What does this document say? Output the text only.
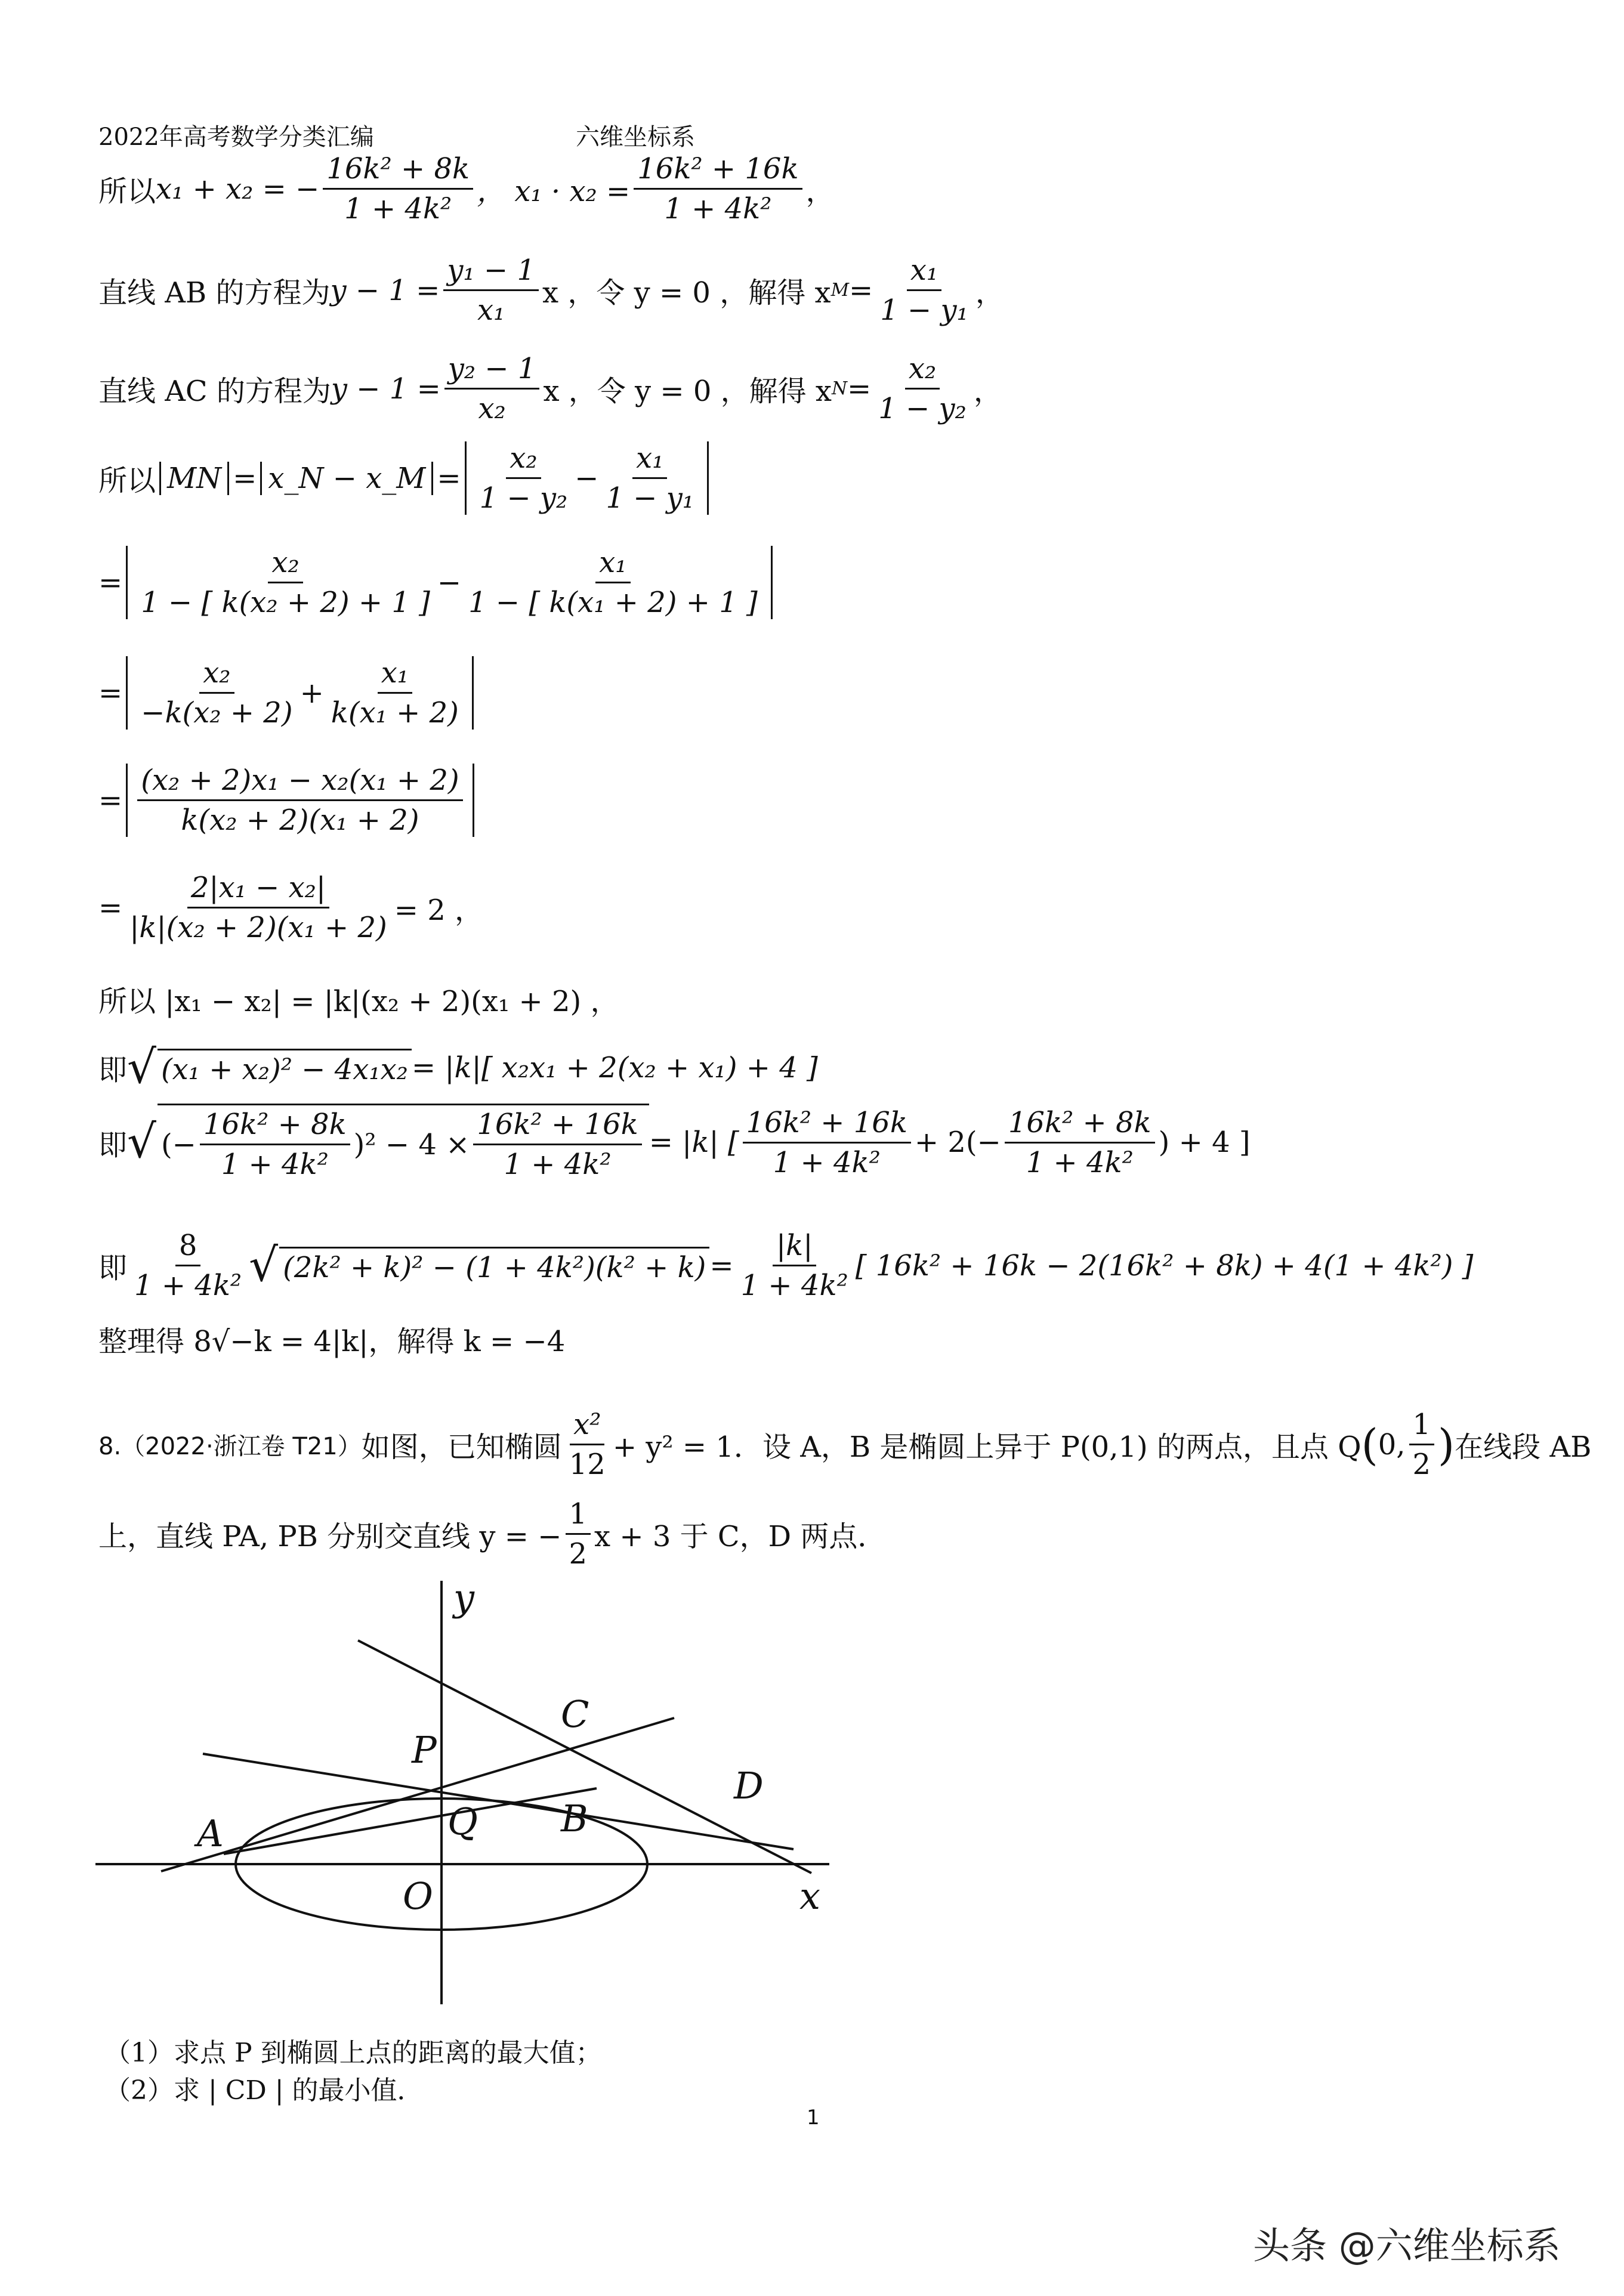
2022年高考数学分类汇编	六维坐标系
所以 x₁ + x₂ = − $\frac{\text{16k² + 8k}}{\text{1 + 4k²}}$ ， $x_1 \cdot x_2 = \frac{\text{16k² + 16k}}{\text{1 + 4k²}}$ ，
直线 AB 的方程为 $y - 1 = \frac{\text{y₁ − 1}}{\text{x₁}}$ x ，令 y = 0 ，解得 x $M = \frac{\text{x₁}}{\text{1 − y₁}}$ ，
直线 AC 的方程为 $y - 1 = \frac{\text{y₂ − 1}}{\text{x₂}}$ x ，令 y = 0 ，解得 x $N = \frac{\text{x₂}}{\text{1 − y₂}}$ ，
所以 MN = x_N − x_M = $\frac{\text{x₂}}{\text{1 − y₂}} - \frac{\text{x₁}}{\text{1 − y₁}}$
= $\frac{\text{x₂}}{\text{1 − [ k(x₂ + 2) + 1 ]}} - \frac{\text{x₁}}{\text{1 − [ k(x₁ + 2) + 1 ]}}$
= $\frac{\text{x₂}}{\text{−k(x₂ + 2)}} + \frac{\text{x₁}}{\text{k(x₁ + 2)}}$
= $\frac{\text{(x₂ + 2)x₁ − x₂(x₁ + 2)}}{\text{k(x₂ + 2)(x₁ + 2)}}$
= $\frac{\text{2|x₁ − x₂|}}{\text{|k|(x₂ + 2)(x₁ + 2)}} = 2$ ，
所以 |x₁ − x₂| = |k|(x₂ + 2)(x₁ + 2) ，
即 √ (x₁ + x₂)² − 4x₁x₂ = |k|[ x₂x₁ + 2(x₂ + x₁) + 4 ]
即 √ (− $\frac{\text{16k² + 8k}}{\text{1 + 4k²}} )^2 - 4 \times \frac{\text{16k² + 16k}}{\text{1 + 4k²}} = |k|$ [ $\frac{\text{16k² + 16k}}{\text{1 + 4k²}} + 2(- \frac{\text{16k² + 8k}}{\text{1 + 4k²}}$ ) + 4 ]
即 $\frac{8}{\text{1 + 4k²}}$ √ $(2k^2 + k)^2 - (1 + 4k^2)(k^2 + k) = \frac{|k|}{\text{1 + 4k²}}$ [ 16k² + 16k − 2(16k² + 8k) + 4(1 + 4k²) ]
整理得 8√−k = 4|k|，解得 k = −4
8.（2022·浙江卷 T21） 如图，已知椭圆 $\frac{\text{x²}}{12} + y^2 = 1$．设 A，B 是椭圆上异于 P(0,1) 的两点，且点 Q ( 0, $\frac{1}{2}$ ) 在线段 AB
上，直线 PA, PB 分别交直线 y = − $\frac{1}{2}$ x + 3 于 C，D 两点．
y
x
P
C
D
A	Q B
O
（1）求点 P 到椭圆上点的距离的最大值；
（2）求 | CD | 的最小值．
1
头条 @六维坐标系
